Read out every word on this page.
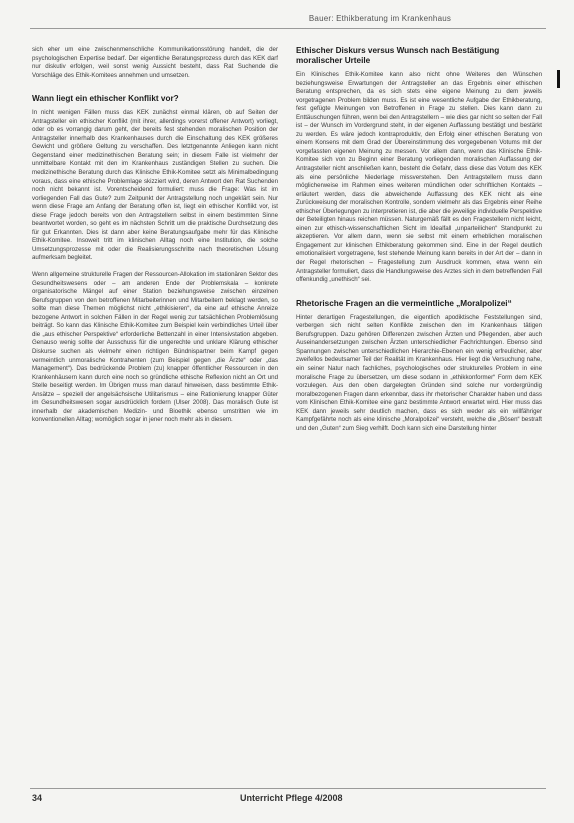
Bauer: Ethikberatung im Krankenhaus

sich eher um eine zwischenmenschliche Kommunikationsstörung handelt, die der psychologischen Expertise bedarf. Der eigentliche Beratungsprozess durch das KEK darf nur diskutiv erfolgen, weil sonst wenig Aussicht besteht, dass Rat Suchende die Vorschläge des Ethik-Komitees annehmen und umsetzen.

Wann liegt ein ethischer Konflikt vor?

In nicht wenigen Fällen muss das KEK zunächst einmal klären, ob auf Seiten der Antragsteller ein ethischer Konflikt (mit ihrer, allerdings vorerst offener Antwort) vorliegt, oder ob es vorrangig darum geht, der bereits fest stehenden moralischen Position der Antragsteller innerhalb des Krankenhauses durch die Einschaltung des KEK größeres Gewicht und größere Geltung zu verschaffen. Des letztgenannte Anliegen kann nicht Gegenstand einer medizinethischen Beratung sein; in diesem Falle ist vielmehr der unmittelbare Kontakt mit den im Krankenhaus zuständigen Stellen zu suchen. Die medizinethische Beratung durch das Klinische Ethik-Komitee setzt als Minimalbedingung voraus, dass eine ethische Problemlage skizziert wird, deren Antwort den Rat Suchenden noch nicht bekannt ist. Vorentscheidend formuliert: muss die Frage: Was ist im vorliegenden Fall das Gute? zum Zeitpunkt der Antragstellung noch ungeklärt sein. Nur wenn diese Frage am Anfang der Beratung offen ist, liegt ein ethischer Konflikt vor, ist diese Frage jedoch bereits von den Antragstellern selbst in einem bestimmten Sinne beantwortet worden, so geht es im nächsten Schritt um die praktische Durchsetzung des für gut Erkannten. Dies ist dann aber keine Beratungsaufgabe mehr für das Klinische Ethik-Komitee. Insoweit tritt im klinischen Alltag noch eine Institution, die solche Umsetzungsprozesse mit oder die Realisierungsschritte nach theoretischen Lösung aufmerksam begleitet.

Wenn allgemeine strukturelle Fragen der Ressourcen-Allokation im stationären Sektor des Gesundheitswesens oder – am anderen Ende der Problemskala – konkrete organisatorische Mängel auf einer Station beziehungsweise zwischen einzelnen Berufsgruppen von den betroffenen Mitarbeiterinnen und Mitarbeitern beklagt werden, so sollte man diese Themen möglichst nicht „ethikisieren“, da eine auf ethische Anreize bezogene Antwort in solchen Fällen in der Regel wenig zur tatsächlichen Problemlösung beiträgt. So kann das Klinische Ethik-Komitee zum Beispiel kein verbindliches Urteil über die „aus ethischer Perspektive“ erforderliche Bettenzahl in einer Intensivstation abgeben. Genauso wenig sollte der Ausschuss für die ungerechte und unklare Klärung ethischer Diskurse suchen als vielmehr einen richtigen Bündnispartner beim Kampf gegen vermeintlich unmoralische Kontrahenten (zum Beispiel gegen „die Ärzte“ oder „das Management“). Das bedrückende Problem (zu) knapper öffentlicher Ressourcen in den Krankenhäusern kann durch eine noch so gründliche ethische Reflexion nicht an Ort und Stelle beseitigt werden. Im Übrigen muss man darauf hinweisen, dass bestimmte Ethik-Ansätze – speziell der angelsächsische Utilitarismus – eine Rationierung knapper Güter im Gesundheitswesen sogar ausdrücklich fordern (Ulser 2008). Das moralisch Gute ist innerhalb der akademischen Medizin- und Bioethik ebenso umstritten wie im konventionellen Alltag; womöglich sogar in jener noch mehr als in diesem.

Ethischer Diskurs versus Wunsch nach Bestätigung moralischer Urteile

Ein Klinisches Ethik-Komitee kann also nicht ohne Weiteres den Wünschen beziehungsweise Erwartungen der Antragsteller an das Ergebnis einer ethischen Beratung entsprechen, da es sich stets eine eigene Meinung zu dem jeweils vorgetragenen Problem bilden muss. Es ist eine wesentliche Aufgabe der Ethikberatung, fest gefügte Meinungen von Betroffenen in Frage zu stellen. Dies kann dann zu Enttäuschungen führen, wenn bei den Antragstellern – wie dies gar nicht so selten der Fall ist – der Wunsch im Vordergrund steht, in der eigenen Auffassung bestätigt und bestärkt zu werden. Es wäre jedoch kontraproduktiv, den Erfolg einer ethischen Beratung von einem Konsens mit dem Grad der Übereinstimmung des vorgegebenen Votums mit der vorgefassten eigenen Meinung zu messen. Vor allem dann, wenn das Klinische Ethik-Komitee sich von zu Beginn einer Beratung vorliegenden moralischen Auffassung der Antragsteller nicht anschließen kann, besteht die Gefahr, dass diese das Votum des KEK als eine persönliche Niederlage missverstehen. Den Antragstellern muss dann möglicherweise im Rahmen eines weiteren mündlichen oder schriftlichen Kontakts – erläutert werden, dass die abweichende Auffassung des KEK nicht als eine Zurückweisung der moralischen Kontrolle, sondern vielmehr als das Ergebnis einer Reihe ethischer Überlegungen zu interpretieren ist, die aber die jeweilige individuelle Perspektive der Beteiligten hinaus reichen müssen. Naturgemäß fällt es den Fragestellern nicht leicht, einen zur ethisch-wissenschaftlichen Sicht im Idealfall „unparteilichen“ Standpunkt zu akzeptieren. Vor allem dann, wenn sie selbst mit einem erheblichen moralischen Engagement zur klinischen Ethikberatung gekommen sind. Eine in der Regel deutlich emotionalisiert vorgetragene, fest stehende Meinung kann bereits in der Art der – dann in der Regel rhetorischen – Fragestellung zum Ausdruck kommen, etwa wenn ein Antragsteller formuliert, dass die Handlungsweise des Arztes sich in dem betreffenden Fall offenkundig „unethisch“ sei.

Rhetorische Fragen an die vermeintliche „Moralpolizei“

Hinter derartigen Fragestellungen, die eigentlich apodiktische Feststellungen sind, verbergen sich nicht selten Konflikte zwischen den im Krankenhaus tätigen Berufsgruppen. Dazu gehören Differenzen zwischen Ärzten und Pflegenden, aber auch Auseinandersetzungen zwischen Ärzten unterschiedlicher Fachrichtungen. Ebenso sind Spannungen zwischen unterschiedlichen Hierarchie-Ebenen ein wenig erfreulicher, aber zweifellos bedeutsamer Teil der Realität im Krankenhaus. Hier liegt die Versuchung nahe, ein seiner Natur nach fachliches, psychologisches oder strukturelles Problem in eine moralische Frage zu übersetzen, um diese sodann in „ethikkonformer“ Form dem KEK vorzulegen. Aus den oben dargelegten Gründen sind solche nur vordergründig moralbezogenen Fragen dann erkennbar, dass ihr rhetorischer Charakter haben und dass vom Klinischen Ethik-Komitee eine ganz bestimmte Antwort erwartet wird. Hier muss das KEK dann jeweils sehr deutlich machen, dass es sich weder als ein willfähriger Kampfgefährte noch als eine klinische „Moralpolizei“ versteht, welche die „Bösen“ bestraft und den „Guten“ zum Sieg verhilft. Doch kann sich eine Darstellung hinter

34	Unterricht Pflege 4/2008
